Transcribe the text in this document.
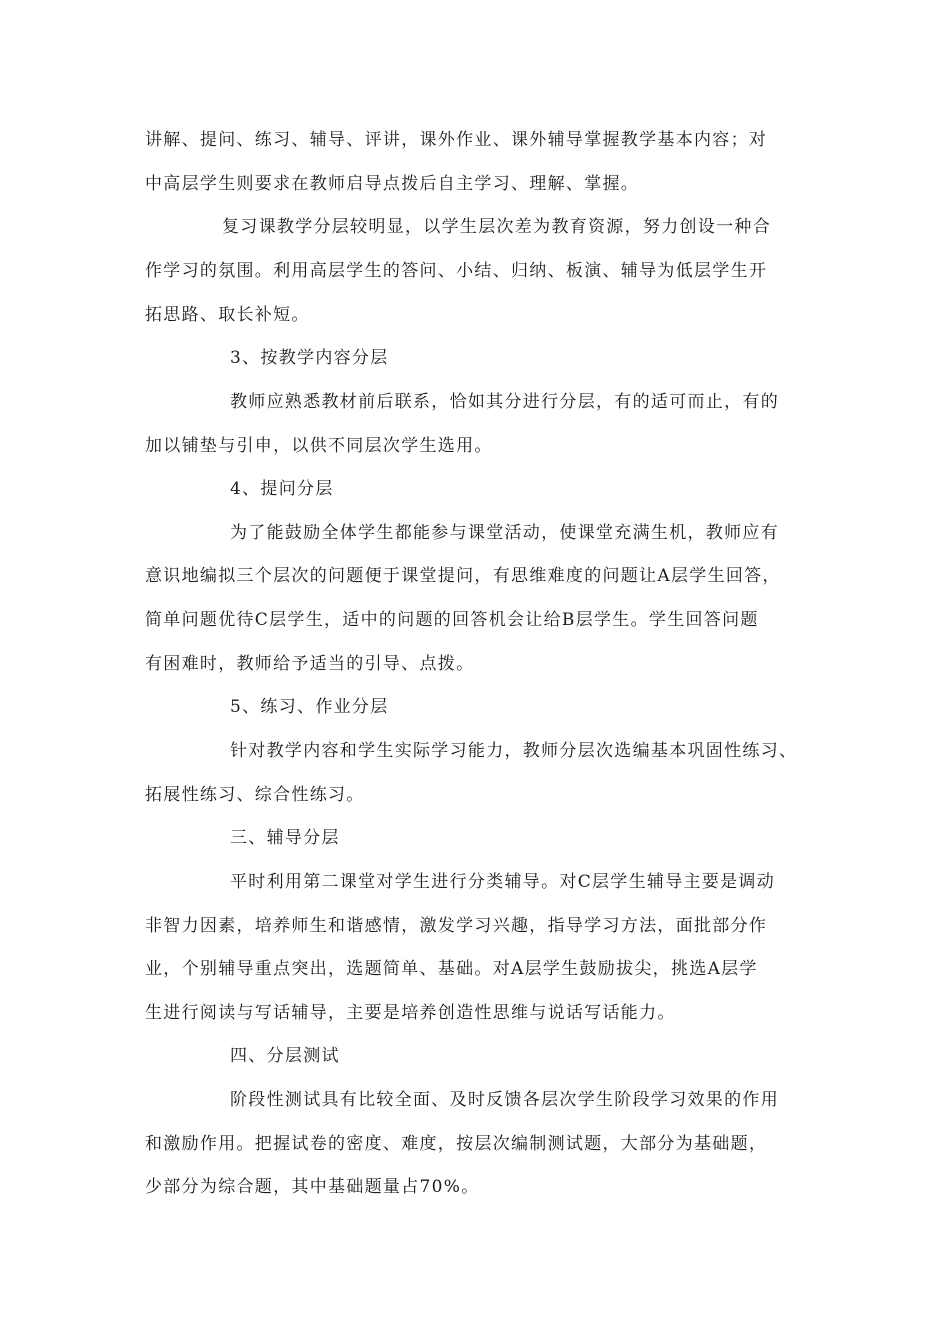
讲解、提问、练习、辅导、评讲，课外作业、课外辅导掌握教学基本内容；对
中高层学生则要求在教师启导点拨后自主学习、理解、掌握。
复习课教学分层较明显，以学生层次差为教育资源，努力创设一种合
作学习的氛围。利用高层学生的答问、小结、归纳、板演、辅导为低层学生开
拓思路、取长补短。
3、按教学内容分层
教师应熟悉教材前后联系，恰如其分进行分层，有的适可而止，有的
加以铺垫与引申，以供不同层次学生选用。
4、提问分层
为了能鼓励全体学生都能参与课堂活动，使课堂充满生机，教师应有
意识地编拟三个层次的问题便于课堂提问，有思维难度的问题让A层学生回答，
简单问题优待C层学生，适中的问题的回答机会让给B层学生。学生回答问题
有困难时，教师给予适当的引导、点拨。
5、练习、作业分层
针对教学内容和学生实际学习能力，教师分层次选编基本巩固性练习、
拓展性练习、综合性练习。
三、辅导分层
平时利用第二课堂对学生进行分类辅导。对C层学生辅导主要是调动
非智力因素，培养师生和谐感情，激发学习兴趣，指导学习方法，面批部分作
业，个别辅导重点突出，选题简单、基础。对A层学生鼓励拔尖，挑选A层学
生进行阅读与写话辅导，主要是培养创造性思维与说话写话能力。
四、分层测试
阶段性测试具有比较全面、及时反馈各层次学生阶段学习效果的作用
和激励作用。把握试卷的密度、难度，按层次编制测试题，大部分为基础题，
少部分为综合题，其中基础题量占70%。
